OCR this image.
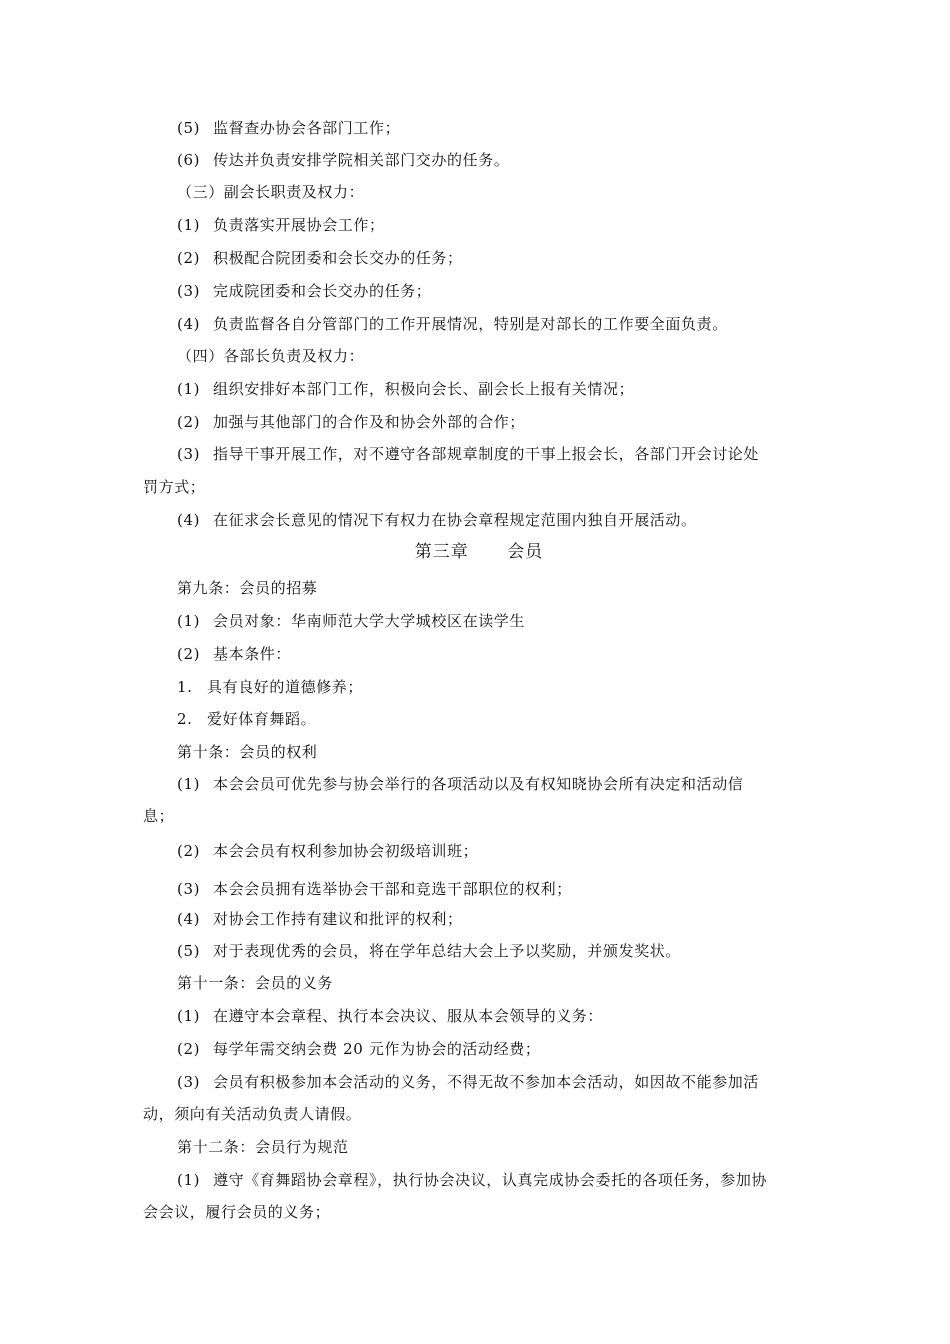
(5) 监督查办协会各部门工作；
(6) 传达并负责安排学院相关部门交办的任务。
（三）副会长职责及权力：
(1) 负责落实开展协会工作；
(2) 积极配合院团委和会长交办的任务；
(3) 完成院团委和会长交办的任务；
(4) 负责监督各自分管部门的工作开展情况，特别是对部长的工作要全面负责。
（四）各部长负责及权力：
(1) 组织安排好本部门工作，积极向会长、副会长上报有关情况；
(2) 加强与其他部门的合作及和协会外部的合作；
(3) 指导干事开展工作，对不遵守各部规章制度的干事上报会长，各部门开会讨论处
罚方式；
(4) 在征求会长意见的情况下有权力在协会章程规定范围内独自开展活动。
第三章      会员
第九条：会员的招募
(1) 会员对象：华南师范大学大学城校区在读学生
(2) 基本条件：
1. 具有良好的道德修养；
2. 爱好体育舞蹈。
第十条：会员的权利
(1) 本会会员可优先参与协会举行的各项活动以及有权知晓协会所有决定和活动信
息；
(2) 本会会员有权利参加协会初级培训班；
(3) 本会会员拥有选举协会干部和竞选干部职位的权利；
(4) 对协会工作持有建议和批评的权利；
(5) 对于表现优秀的会员，将在学年总结大会上予以奖励，并颁发奖状。
第十一条：会员的义务
(1) 在遵守本会章程、执行本会决议、服从本会领导的义务：
(2) 每学年需交纳会费 20 元作为协会的活动经费；
(3) 会员有积极参加本会活动的义务，不得无故不参加本会活动，如因故不能参加活
动，须向有关活动负责人请假。
第十二条：会员行为规范
(1) 遵守《育舞蹈协会章程》，执行协会决议，认真完成协会委托的各项任务，参加协
会会议，履行会员的义务；
